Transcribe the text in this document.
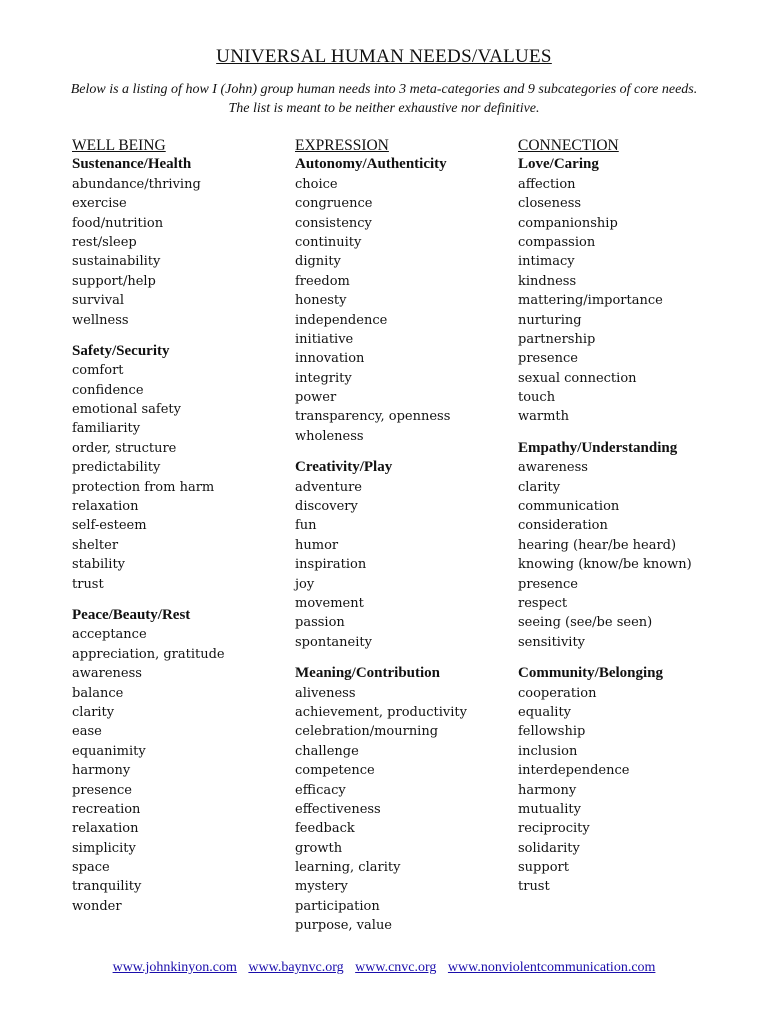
UNIVERSAL HUMAN NEEDS/VALUES
Below is a listing of how I (John) group human needs into 3 meta-categories and 9 subcategories of core needs. The list is meant to be neither exhaustive nor definitive.
WELL BEING
Sustenance/Health
abundance/thriving
exercise
food/nutrition
rest/sleep
sustainability
support/help
survival
wellness
Safety/Security
comfort
confidence
emotional safety
familiarity
order, structure
predictability
protection from harm
relaxation
self-esteem
shelter
stability
trust
Peace/Beauty/Rest
acceptance
appreciation, gratitude
awareness
balance
clarity
ease
equanimity
harmony
presence
recreation
relaxation
simplicity
space
tranquility
wonder
EXPRESSION
Autonomy/Authenticity
choice
congruence
consistency
continuity
dignity
freedom
honesty
independence
initiative
innovation
integrity
power
transparency, openness
wholeness
Creativity/Play
adventure
discovery
fun
humor
inspiration
joy
movement
passion
spontaneity
Meaning/Contribution
aliveness
achievement, productivity
celebration/mourning
challenge
competence
efficacy
effectiveness
feedback
growth
learning, clarity
mystery
participation
purpose, value
CONNECTION
Love/Caring
affection
closeness
companionship
compassion
intimacy
kindness
mattering/importance
nurturing
partnership
presence
sexual connection
touch
warmth
Empathy/Understanding
awareness
clarity
communication
consideration
hearing (hear/be heard)
knowing (know/be known)
presence
respect
seeing (see/be seen)
sensitivity
Community/Belonging
cooperation
equality
fellowship
inclusion
interdependence
harmony
mutuality
reciprocity
solidarity
support
trust
www.johnkinyon.com www.baynvc.org www.cnvc.org www.nonviolentcommunication.com
